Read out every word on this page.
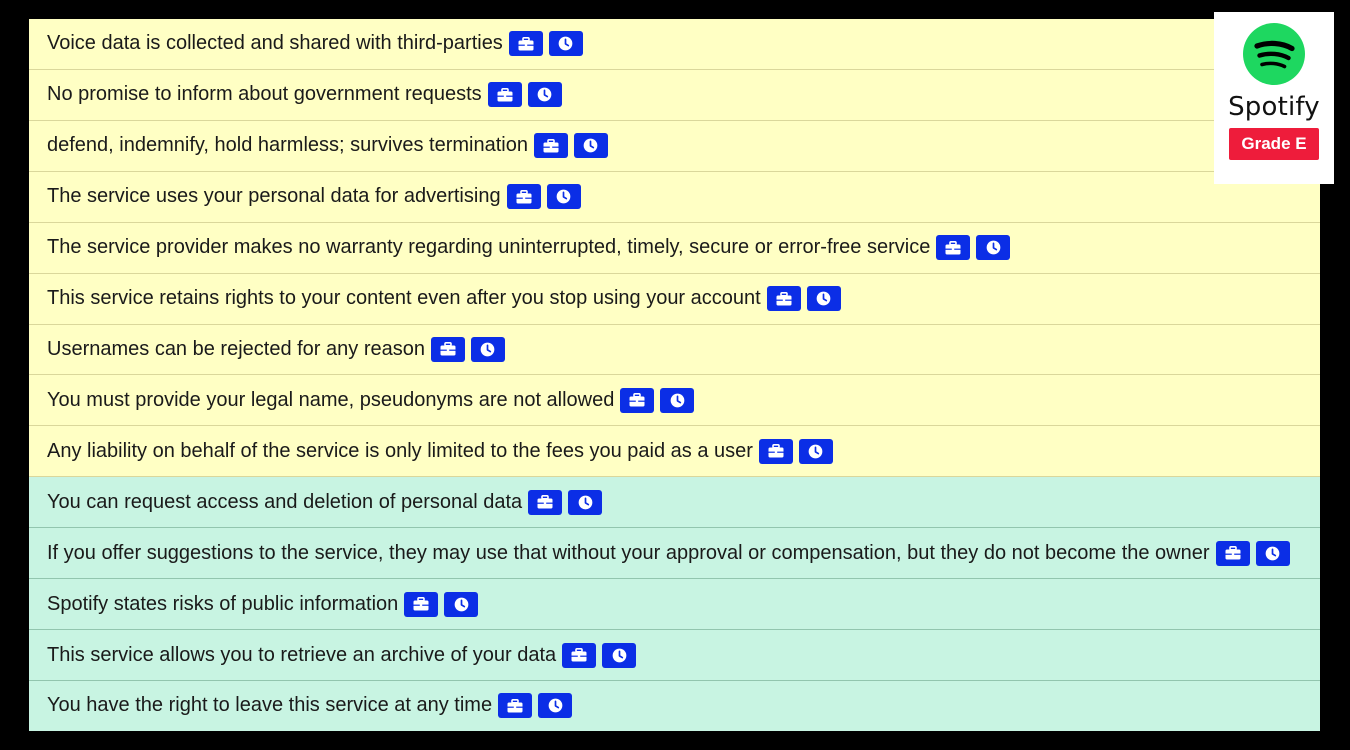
Voice data is collected and shared with third-parties
No promise to inform about government requests
defend, indemnify, hold harmless; survives termination
The service uses your personal data for advertising
The service provider makes no warranty regarding uninterrupted, timely, secure or error-free service
This service retains rights to your content even after you stop using your account
Usernames can be rejected for any reason
You must provide your legal name, pseudonyms are not allowed
Any liability on behalf of the service is only limited to the fees you paid as a user
You can request access and deletion of personal data
If you offer suggestions to the service, they may use that without your approval or compensation, but they do not become the owner
Spotify states risks of public information
This service allows you to retrieve an archive of your data
You have the right to leave this service at any time
Spotify
Grade E
